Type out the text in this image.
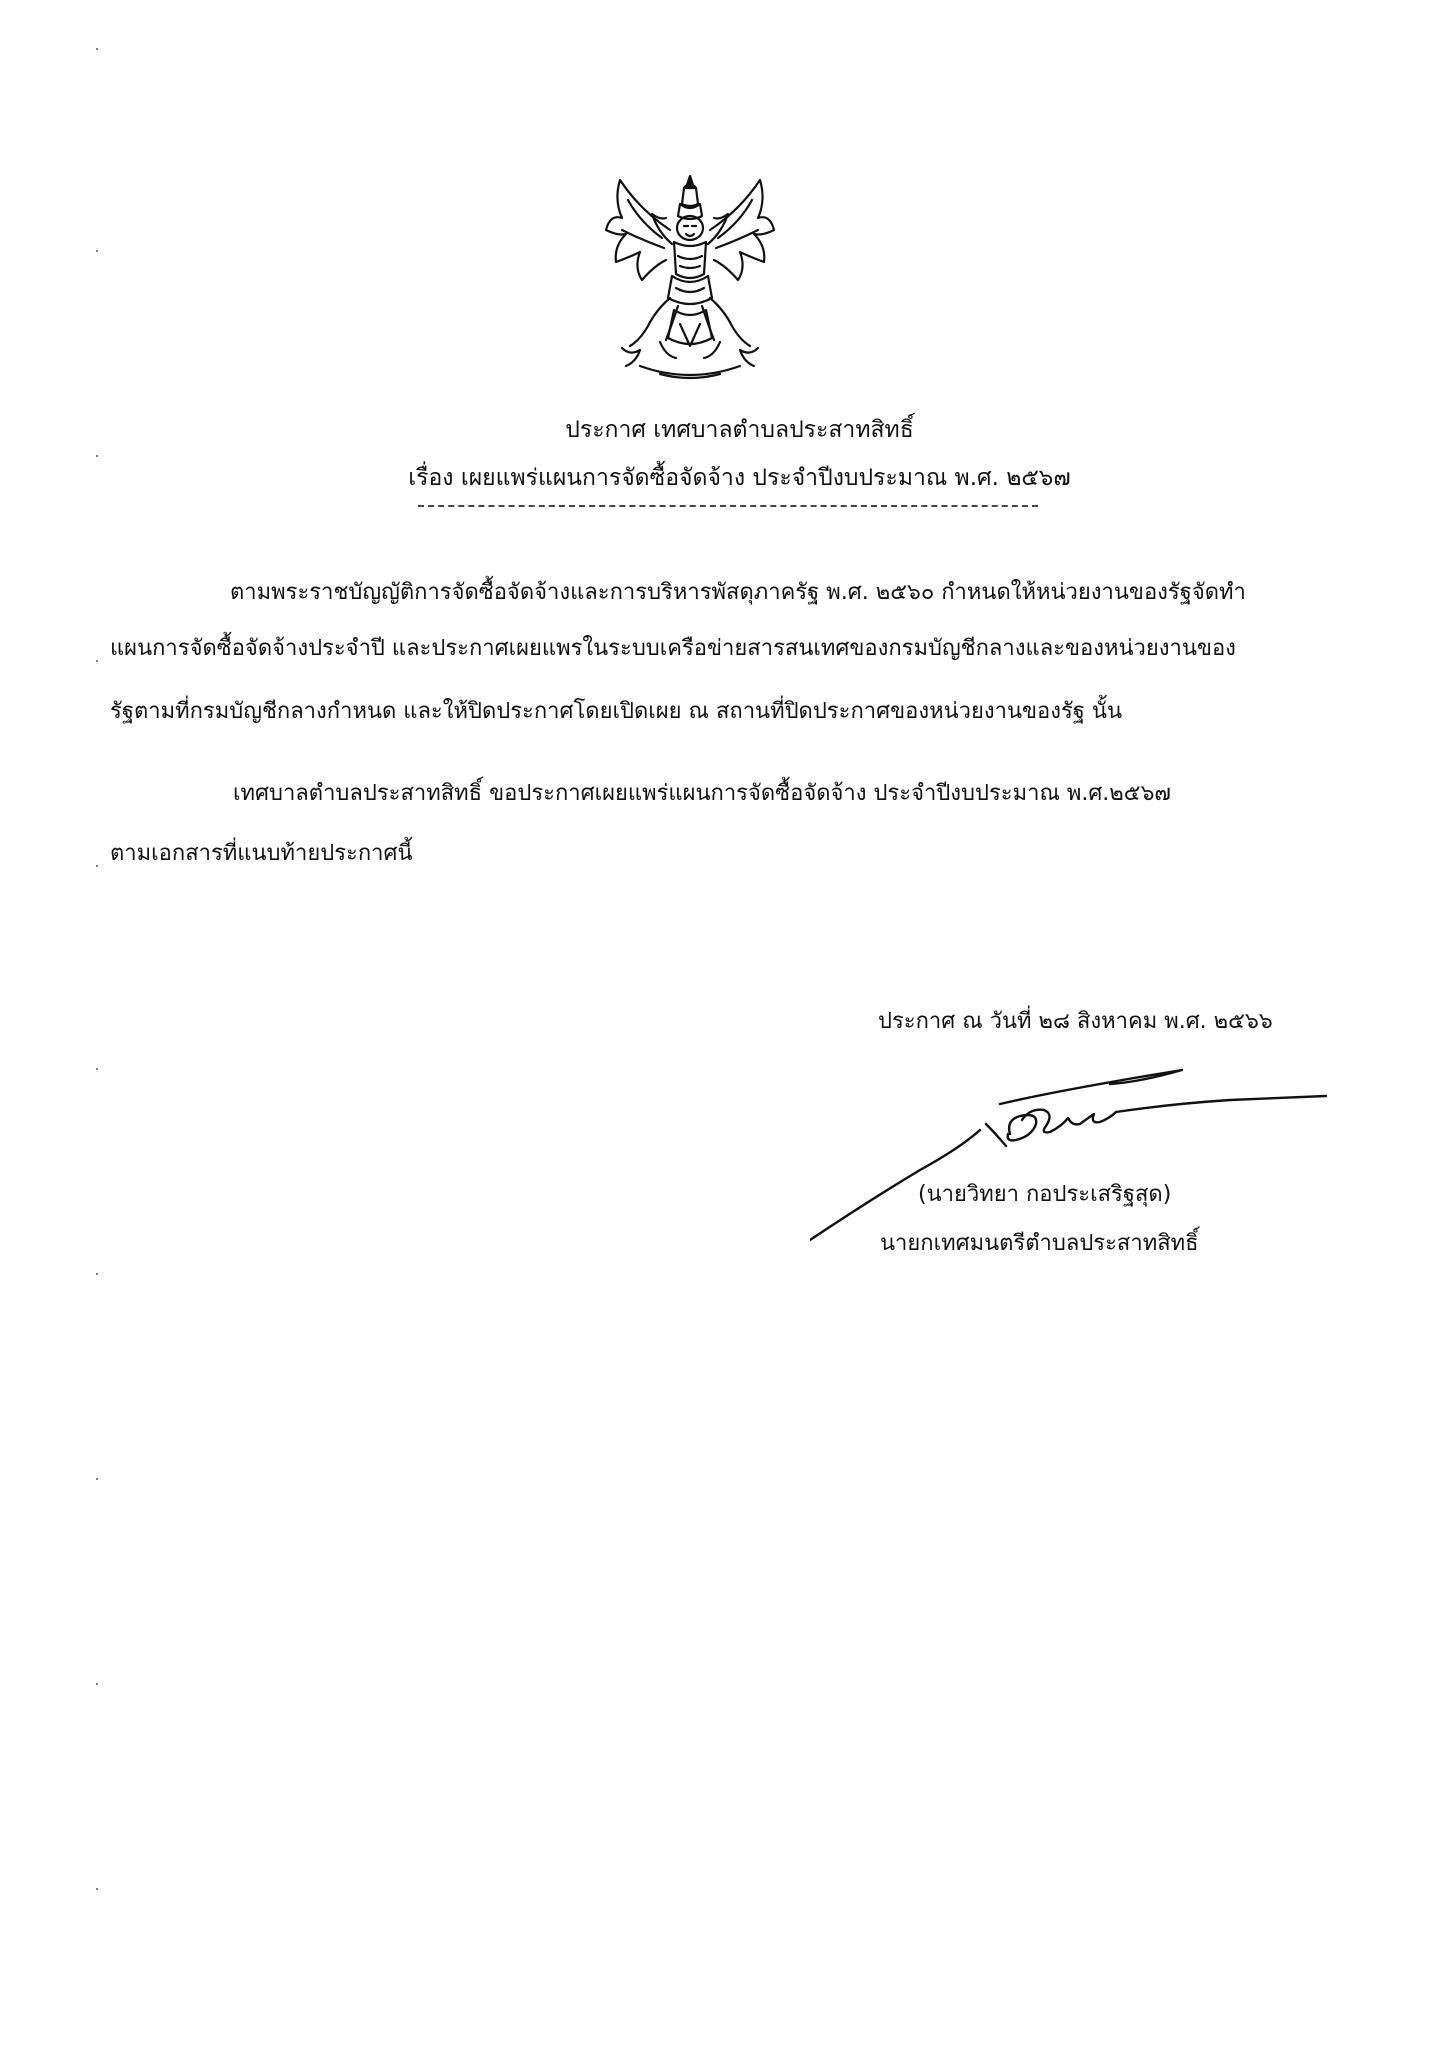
ประกาศ เทศบาลตำบลประสาทสิทธิ์
เรื่อง เผยแพร่แผนการจัดซื้อจัดจ้าง ประจำปีงบประมาณ พ.ศ. ๒๕๖๗
ตามพระราชบัญญัติการจัดซื้อจัดจ้างและการบริหารพัสดุภาครัฐ พ.ศ. ๒๕๖๐ กำหนดให้หน่วยงานของรัฐจัดทำ
แผนการจัดซื้อจัดจ้างประจำปี และประกาศเผยแพรในระบบเครือข่ายสารสนเทศของกรมบัญชีกลางและของหน่วยงานของ
รัฐตามที่กรมบัญชีกลางกำหนด และให้ปิดประกาศโดยเปิดเผย ณ สถานที่ปิดประกาศของหน่วยงานของรัฐ นั้น
เทศบาลตำบลประสาทสิทธิ์ ขอประกาศเผยแพร่แผนการจัดซื้อจัดจ้าง ประจำปีงบประมาณ พ.ศ.๒๕๖๗
ตามเอกสารที่แนบท้ายประกาศนี้
ประกาศ ณ วันที่ ๒๘ สิงหาคม พ.ศ. ๒๕๖๖
(นายวิทยา กอประเสริฐสุด)
นายกเทศมนตรีตำบลประสาทสิทธิ์
